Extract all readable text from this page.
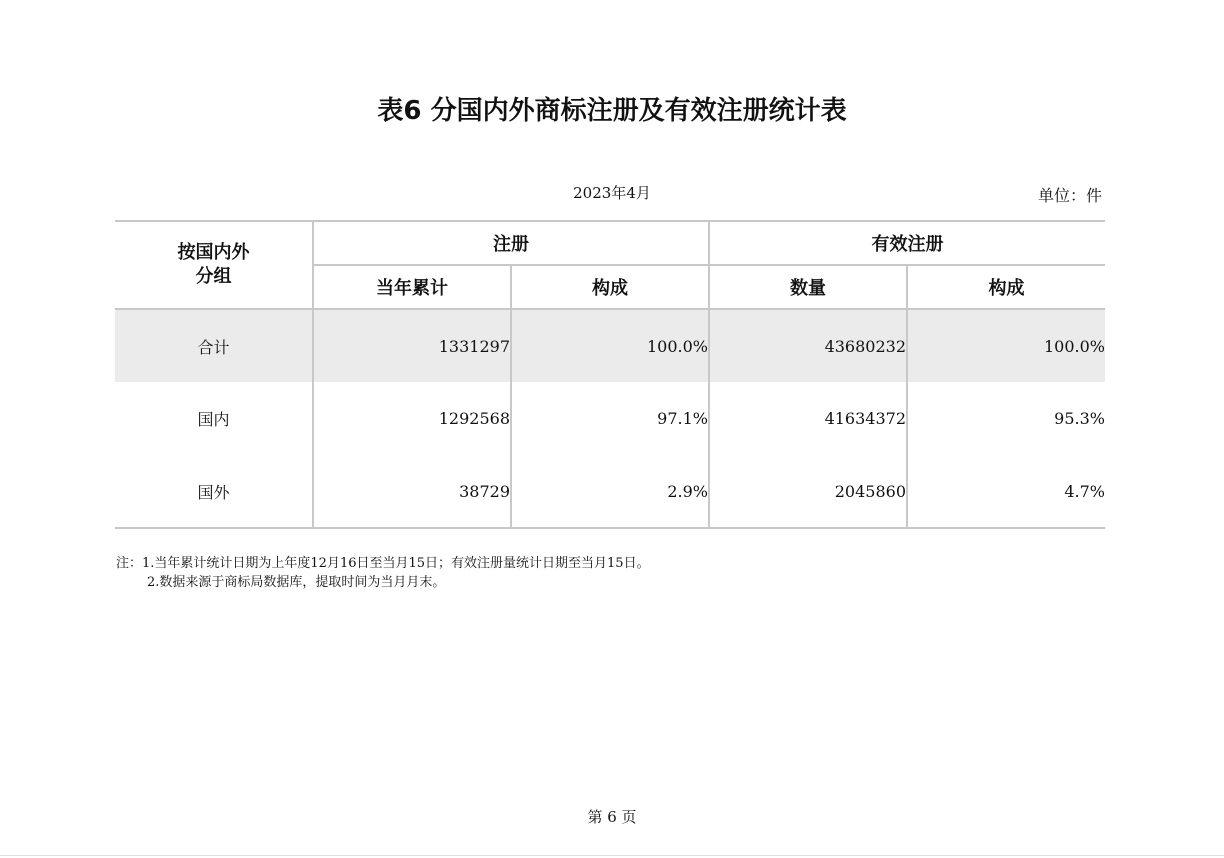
表6 分国内外商标注册及有效注册统计表
2023年4月	单位：件
按国内外
分组	注册		有效注册	
	当年累计	构成	数量	构成
合计	1331297	100.0%	43680232	100.0%
国内	1292568	97.1%	41634372	95.3%
国外	38729	2.9%	2045860	4.7%
注：1.当年累计统计日期为上年度12月16日至当月15日；有效注册量统计日期至当月15日。
2.数据来源于商标局数据库，提取时间为当月月末。
第 6 页
